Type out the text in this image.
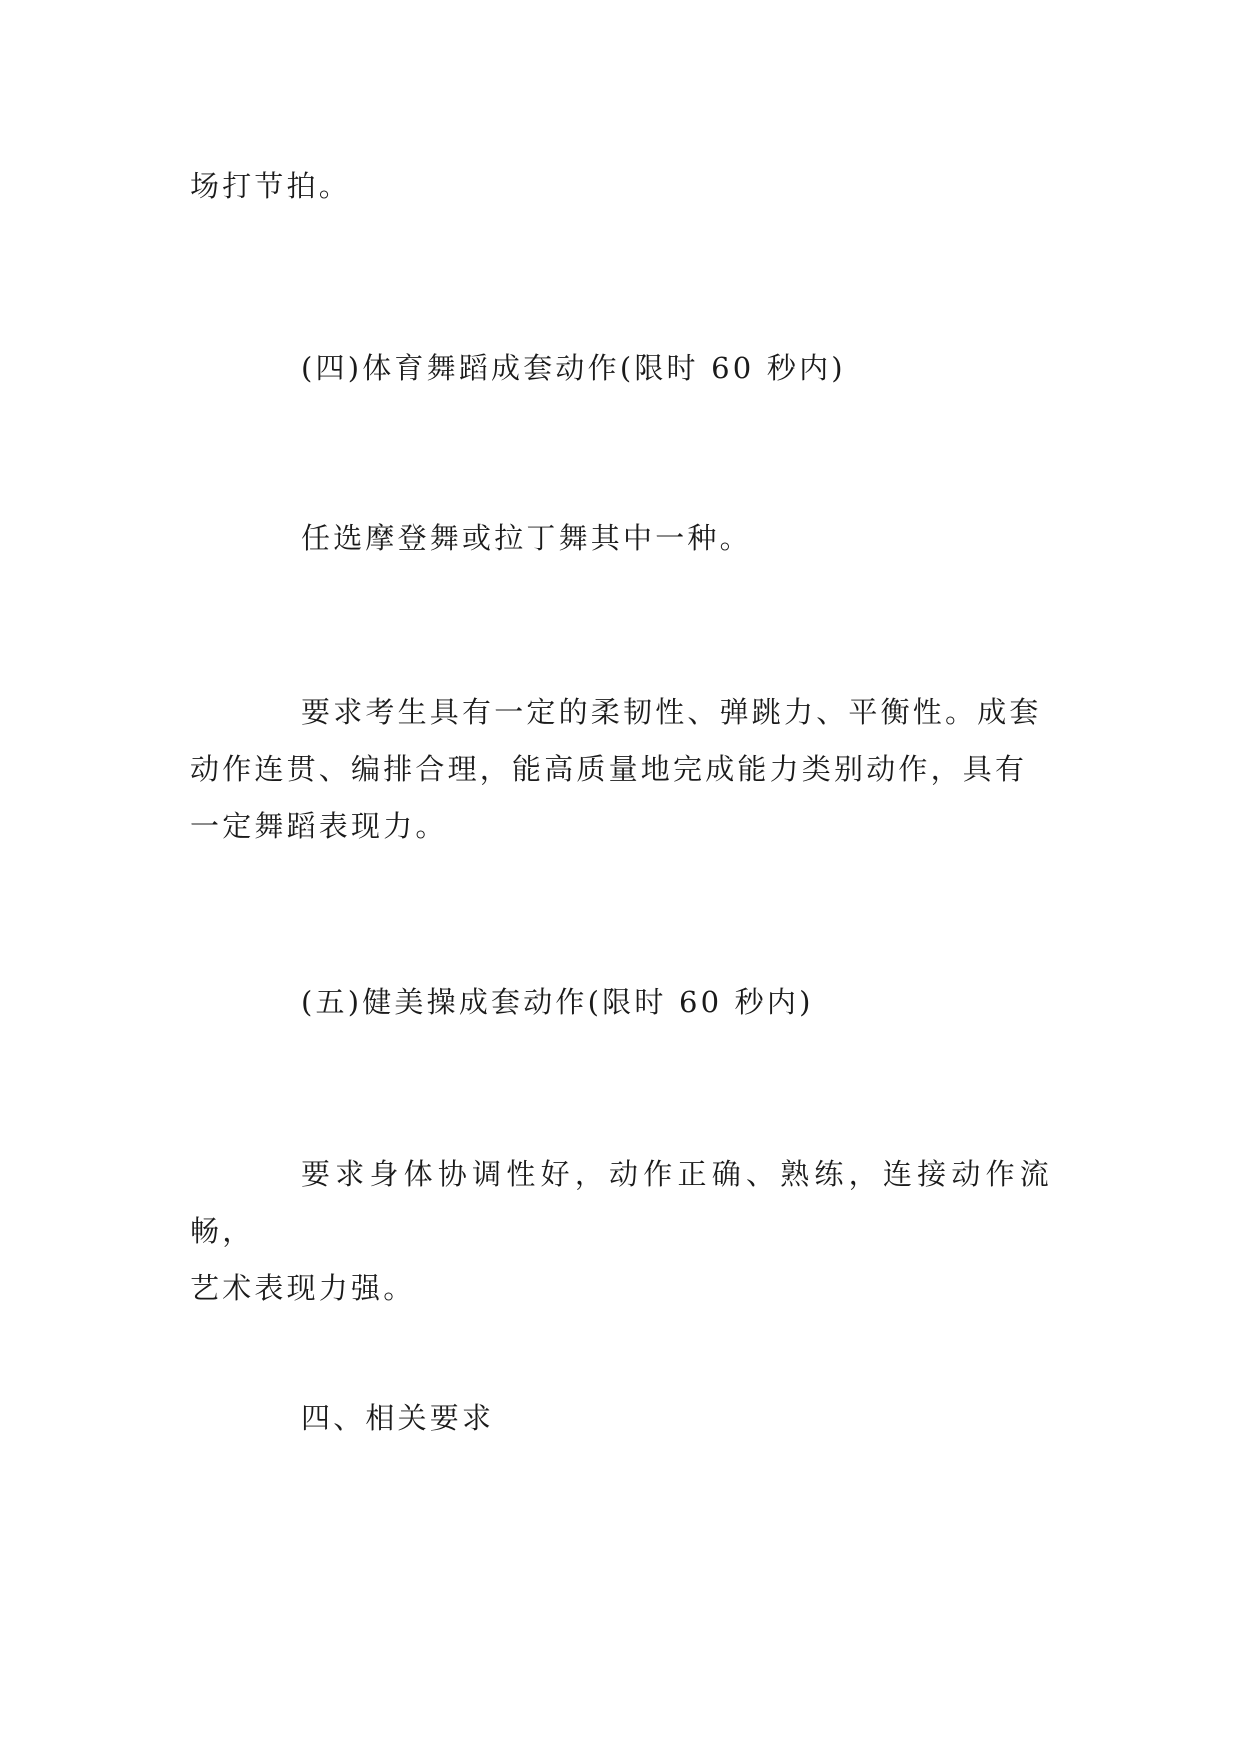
场打节拍。

(四)体育舞蹈成套动作(限时 60 秒内)

任选摩登舞或拉丁舞其中一种。

要求考生具有一定的柔韧性、弹跳力、平衡性。成套
动作连贯、编排合理，能高质量地完成能力类别动作，具有
一定舞蹈表现力。

(五)健美操成套动作(限时 60 秒内)

要求身体协调性好，动作正确、熟练，连接动作流畅，
艺术表现力强。

四、相关要求
